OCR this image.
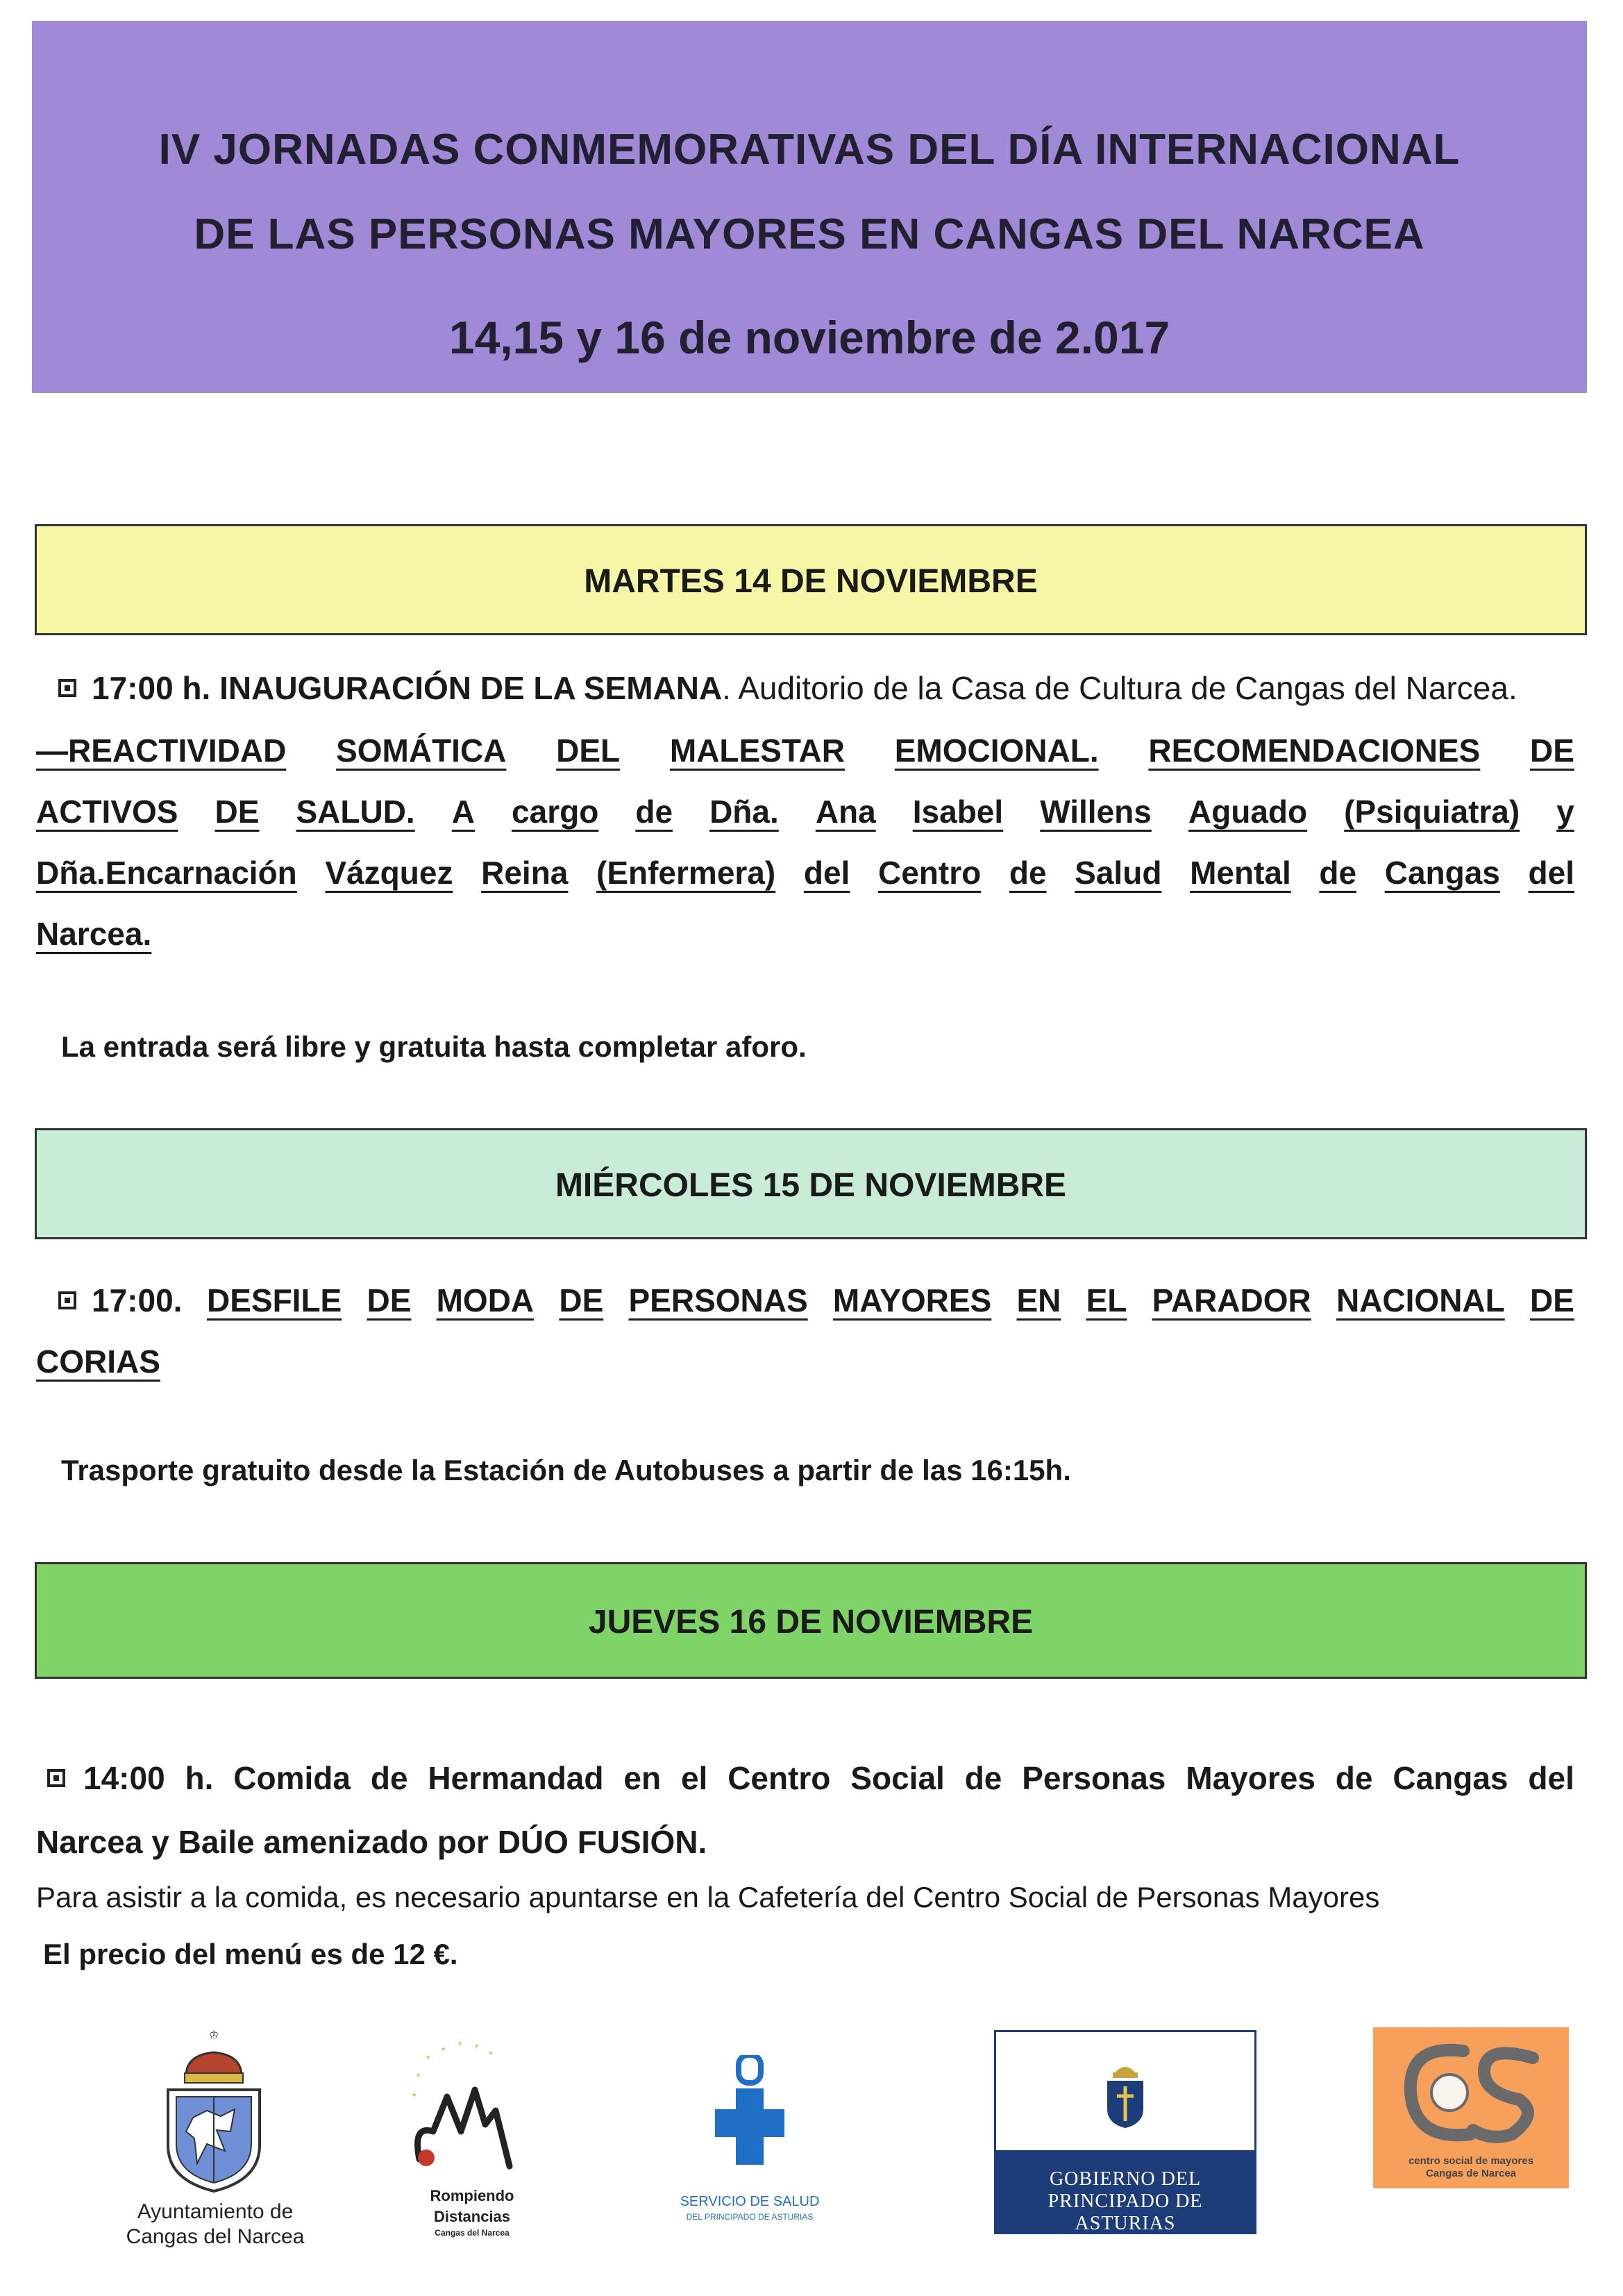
IV JORNADAS CONMEMORATIVAS DEL DÍA INTERNACIONAL
DE LAS PERSONAS MAYORES EN CANGAS DEL NARCEA
14,15 y 16 de noviembre de 2.017
MARTES 14 DE NOVIEMBRE
17:00 h. INAUGURACIÓN DE LA SEMANA. Auditorio de la Casa de Cultura de Cangas del Narcea.
—REACTIVIDAD SOMÁTICA DEL MALESTAR EMOCIONAL. RECOMENDACIONES DE
ACTIVOS DE SALUD. A cargo de Dña. Ana Isabel Willens Aguado (Psiquiatra) y
Dña.Encarnación Vázquez Reina (Enfermera) del Centro de Salud Mental de Cangas del
Narcea.
La entrada será libre y gratuita hasta completar aforo.
MIÉRCOLES 15 DE NOVIEMBRE
17:00. DESFILE DE MODA DE PERSONAS MAYORES EN EL PARADOR NACIONAL DE
CORIAS
Trasporte gratuito desde la Estación de Autobuses a partir de las 16:15h.
JUEVES 16 DE NOVIEMBRE
14:00 h. Comida de Hermandad en el Centro Social de Personas Mayores de Cangas del
Narcea y Baile amenizado por DÚO FUSIÓN.
Para asistir a la comida, es necesario apuntarse en la Cafetería del Centro Social de Personas Mayores
El precio del menú es de 12 €.
♔
Ayuntamiento de
Cangas del Narcea
*
* * *
*
*
*
Rompiendo
Distancias
Cangas del Narcea
SERVICIO DE SALUD
DEL PRINCIPADO DE ASTURIAS
GOBIERNO DEL
PRINCIPADO DE ASTURIAS
centro social de mayores
Cangas de Narcea
